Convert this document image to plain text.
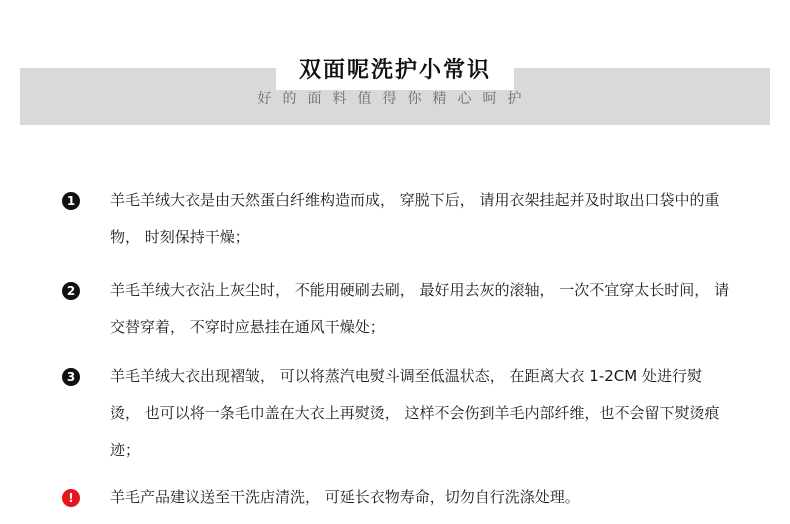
双面呢洗护小常识
好的面料值得你精心呵护
1	羊毛羊绒大衣是由天然蛋白纤维构造而成， 穿脱下后， 请用衣架挂起并及时取出口袋中的重物， 时刻保持干燥；
2	羊毛羊绒大衣沾上灰尘时， 不能用硬刷去刷， 最好用去灰的滚轴， 一次不宜穿太长时间， 请交替穿着， 不穿时应悬挂在通风干燥处；
3	羊毛羊绒大衣出现褶皱， 可以将蒸汽电熨斗调至低温状态， 在距离大衣 1-2CM 处进行熨烫， 也可以将一条毛巾盖在大衣上再熨烫， 这样不会伤到羊毛内部纤维，也不会留下熨烫痕迹；
!	羊毛产品建议送至干洗店清洗， 可延长衣物寿命，切勿自行洗涤处理。
